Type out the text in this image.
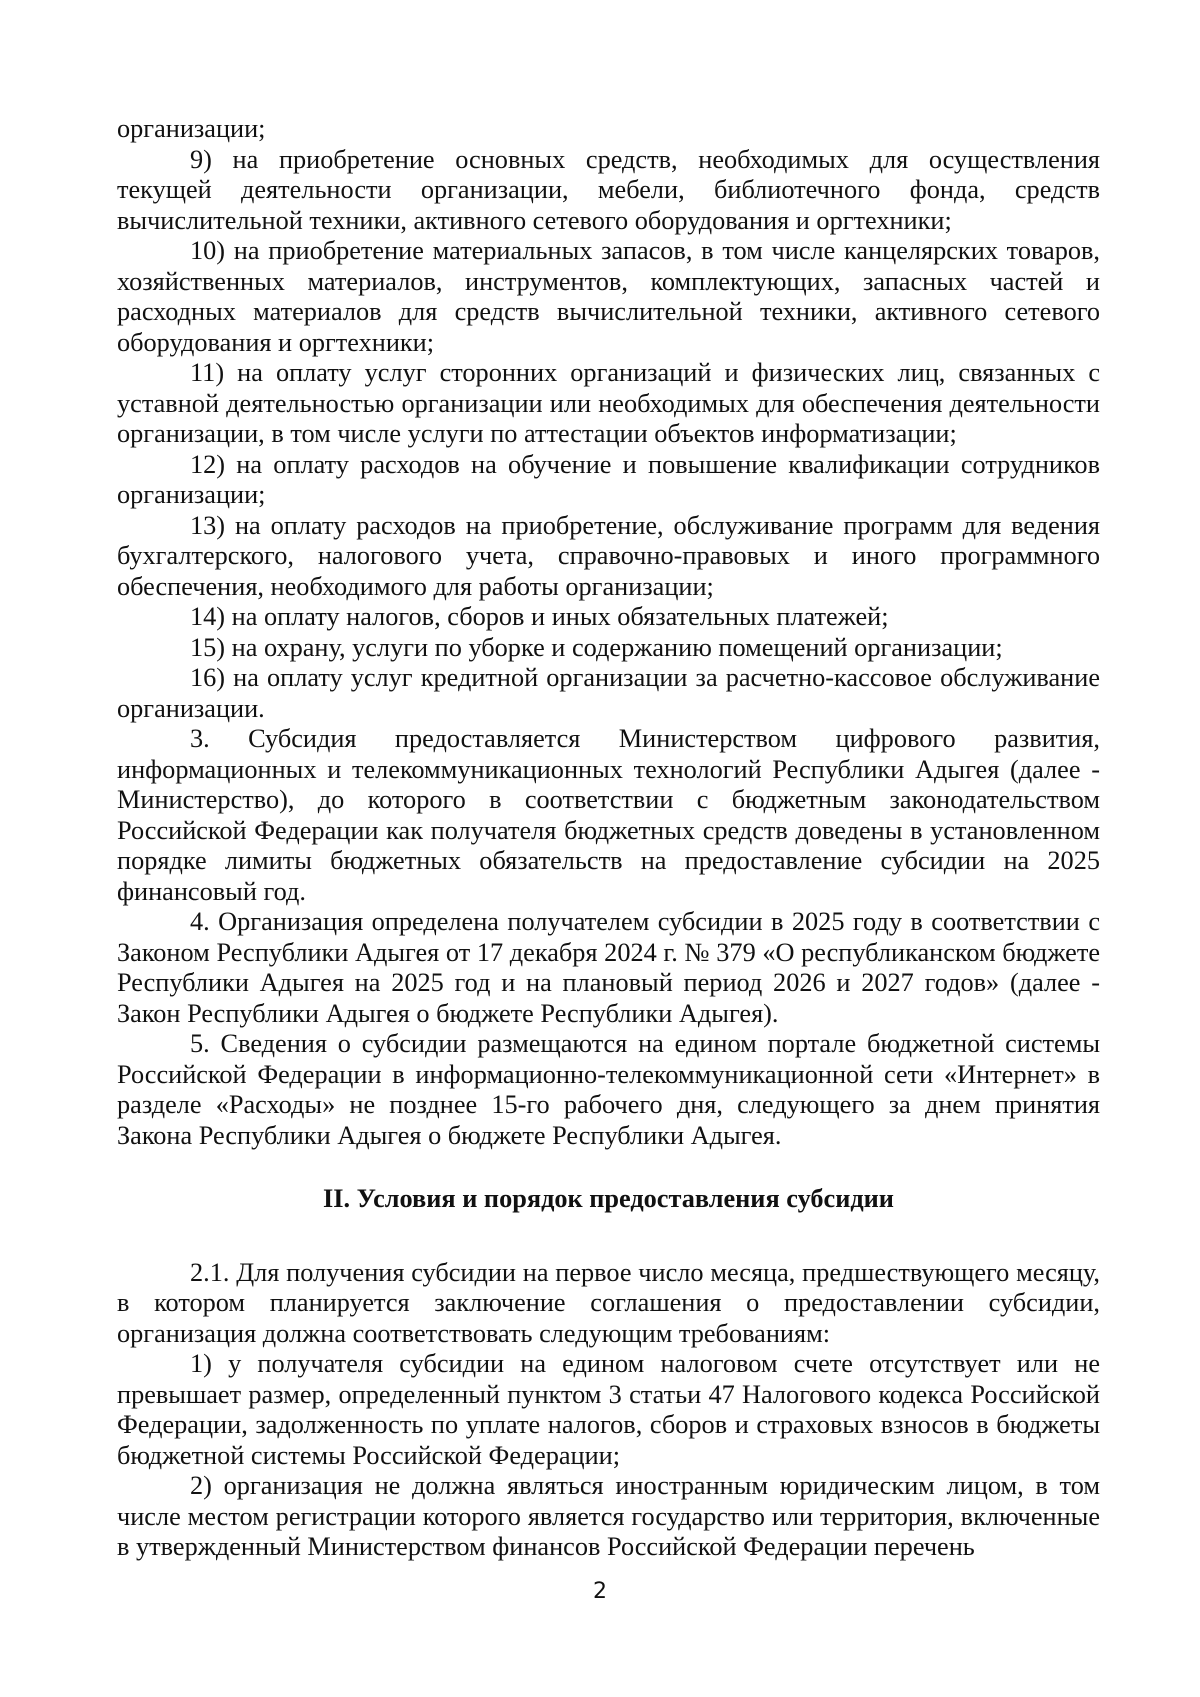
организации;

9) на приобретение основных средств, необходимых для осуществления текущей деятельности организации, мебели, библиотечного фонда, средств вычислительной техники, активного сетевого оборудования и оргтехники;

10) на приобретение материальных запасов, в том числе канцелярских товаров, хозяйственных материалов, инструментов, комплектующих, запасных частей и расходных материалов для средств вычислительной техники, активного сетевого оборудования и оргтехники;

11) на оплату услуг сторонних организаций и физических лиц, связанных с уставной деятельностью организации или необходимых для обеспечения деятельности организации, в том числе услуги по аттестации объектов информатизации;

12) на оплату расходов на обучение и повышение квалификации сотрудников организации;

13) на оплату расходов на приобретение, обслуживание программ для ведения бухгалтерского, налогового учета, справочно-правовых и иного программного обеспечения, необходимого для работы организации;

14) на оплату налогов, сборов и иных обязательных платежей;

15) на охрану, услуги по уборке и содержанию помещений организации;

16) на оплату услуг кредитной организации за расчетно-кассовое обслуживание организации.

3. Субсидия предоставляется Министерством цифрового развития, информационных и телекоммуникационных технологий Республики Адыгея (далее - Министерство), до которого в соответствии с бюджетным законодательством Российской Федерации как получателя бюджетных средств доведены в установленном порядке лимиты бюджетных обязательств на предоставление субсидии на 2025 финансовый год.

4. Организация определена получателем субсидии в 2025 году в соответствии с Законом Республики Адыгея от 17 декабря 2024 г. № 379 «О республиканском бюджете Республики Адыгея на 2025 год и на плановый период 2026 и 2027 годов» (далее - Закон Республики Адыгея о бюджете Республики Адыгея).

5. Сведения о субсидии размещаются на едином портале бюджетной системы Российской Федерации в информационно-телекоммуникационной сети «Интернет» в разделе «Расходы» не позднее 15-го рабочего дня, следующего за днем принятия Закона Республики Адыгея о бюджете Республики Адыгея.

II. Условия и порядок предоставления субсидии

2.1. Для получения субсидии на первое число месяца, предшествующего месяцу, в котором планируется заключение соглашения о предоставлении субсидии, организация должна соответствовать следующим требованиям:

1) у получателя субсидии на едином налоговом счете отсутствует или не превышает размер, определенный пунктом 3 статьи 47 Налогового кодекса Российской Федерации, задолженность по уплате налогов, сборов и страховых взносов в бюджеты бюджетной системы Российской Федерации;

2) организация не должна являться иностранным юридическим лицом, в том числе местом регистрации которого является государство или территория, включенные в утвержденный Министерством финансов Российской Федерации перечень

2
